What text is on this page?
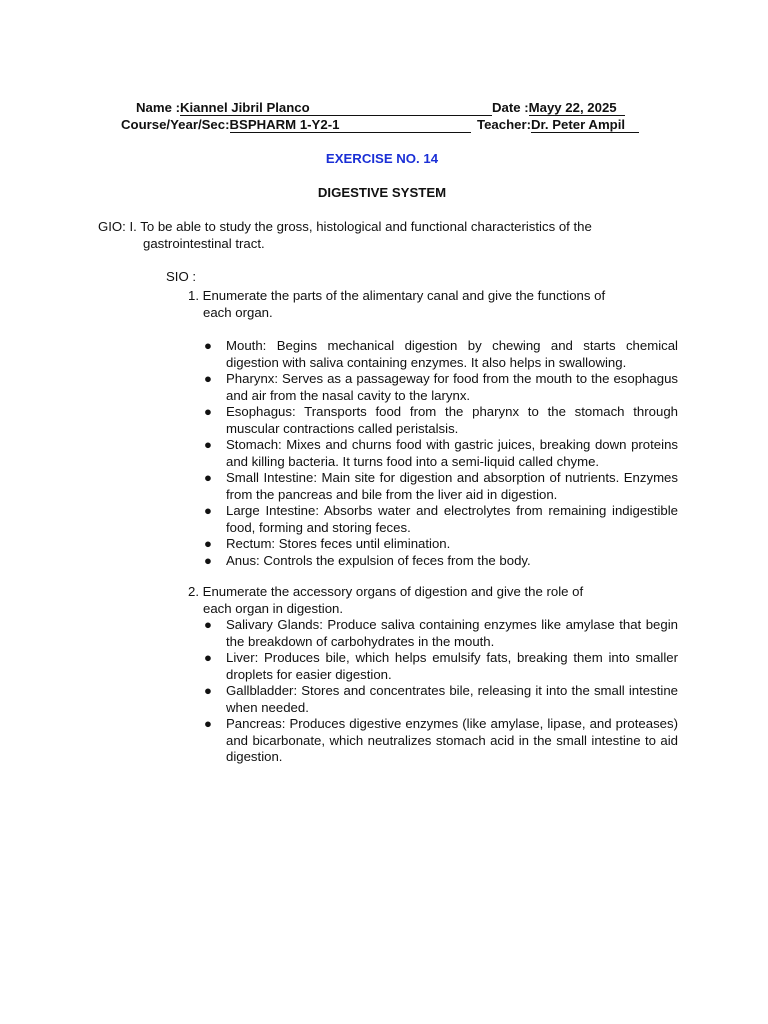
Name :Kiannel Jibril Planco	Date :Mayy 22, 2025
Course/Year/Sec:BSPHARM 1-Y2-1	Teacher:Dr. Peter Ampil
EXERCISE NO. 14
DIGESTIVE SYSTEM
GIO: I. To be able to study the gross, histological and functional characteristics of the
gastrointestinal tract.
SIO :
1. Enumerate the parts of the alimentary canal and give the functions of
each organ.
● Mouth: Begins mechanical digestion by chewing and starts chemical digestion with saliva containing enzymes. It also helps in swallowing.
● Pharynx: Serves as a passageway for food from the mouth to the esophagus and air from the nasal cavity to the larynx.
● Esophagus: Transports food from the pharynx to the stomach through muscular contractions called peristalsis.
● Stomach: Mixes and churns food with gastric juices, breaking down proteins and killing bacteria. It turns food into a semi-liquid called chyme.
● Small Intestine: Main site for digestion and absorption of nutrients. Enzymes from the pancreas and bile from the liver aid in digestion.
● Large Intestine: Absorbs water and electrolytes from remaining indigestible food, forming and storing feces.
● Rectum: Stores feces until elimination.
● Anus: Controls the expulsion of feces from the body.
2. Enumerate the accessory organs of digestion and give the role of
each organ in digestion.
● Salivary Glands: Produce saliva containing enzymes like amylase that begin the breakdown of carbohydrates in the mouth.
● Liver: Produces bile, which helps emulsify fats, breaking them into smaller droplets for easier digestion.
● Gallbladder: Stores and concentrates bile, releasing it into the small intestine when needed.
● Pancreas: Produces digestive enzymes (like amylase, lipase, and proteases) and bicarbonate, which neutralizes stomach acid in the small intestine to aid digestion.
